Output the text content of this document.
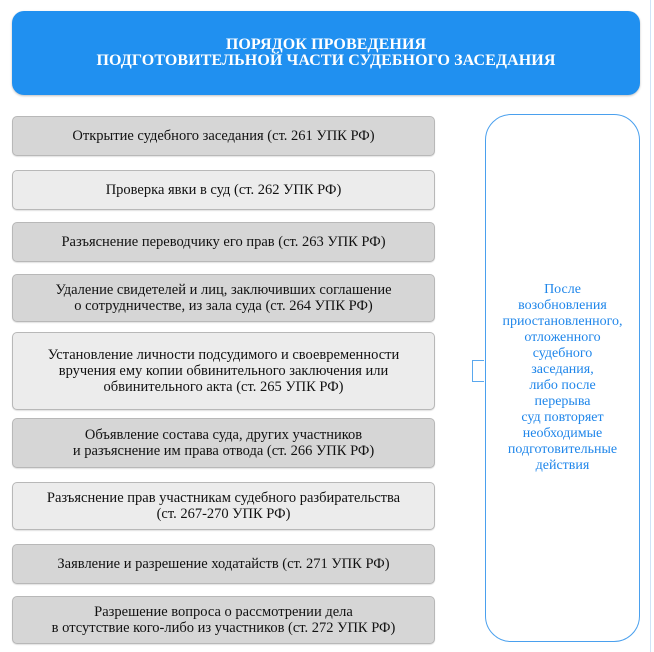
ПОРЯДОК ПРОВЕДЕНИЯ
ПОДГОТОВИТЕЛЬНОЙ ЧАСТИ СУДЕБНОГО ЗАСЕДАНИЯ
Открытие судебного заседания (ст. 261 УПК РФ)
Проверка явки в суд (ст. 262 УПК РФ)
Разъяснение переводчику его прав (ст. 263 УПК РФ)
Удаление свидетелей и лиц, заключивших соглашение
о сотрудничестве, из зала суда (ст. 264 УПК РФ)
Установление личности подсудимого и своевременности
вручения ему копии обвинительного заключения или
обвинительного акта (ст. 265 УПК РФ)
Объявление состава суда, других участников
и разъяснение им права отвода (ст. 266 УПК РФ)
Разъяснение прав участникам судебного разбирательства
(ст. 267-270 УПК РФ)
Заявление и разрешение ходатайств (ст. 271 УПК РФ)
Разрешение вопроса о рассмотрении дела
в отсутствие кого-либо из участников (ст. 272 УПК РФ)
После
возобновления
приостановленного,
отложенного
судебного
заседания,
либо после
перерыва
суд повторяет
необходимые
подготовительные
действия
